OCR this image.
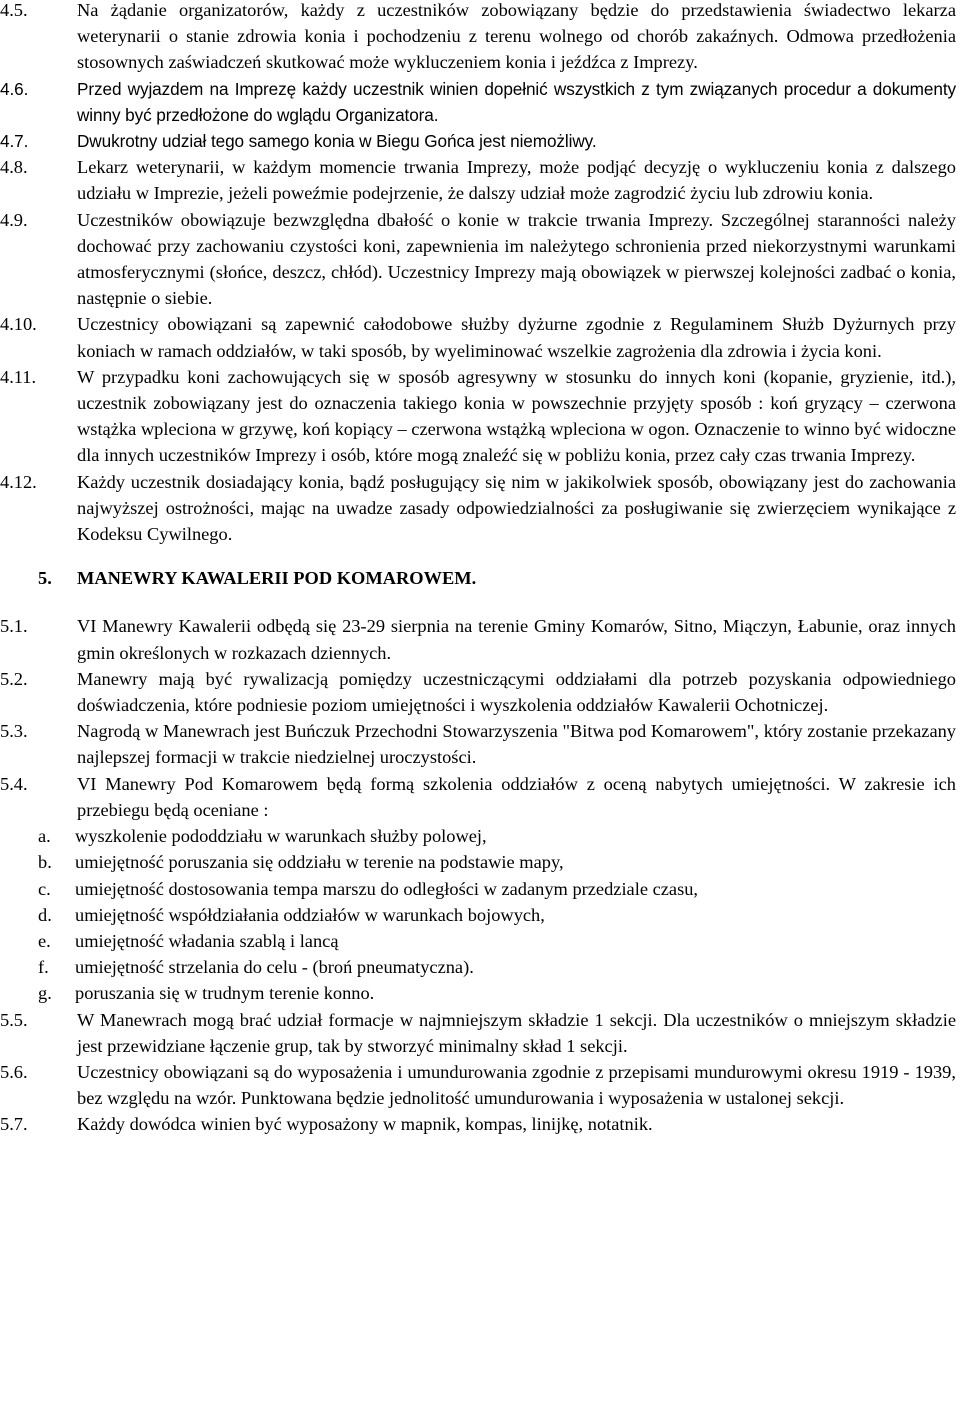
4.5.	Na żądanie organizatorów, każdy z uczestników zobowiązany będzie do przedstawienia świadectwo lekarza weterynarii o stanie zdrowia konia i pochodzeniu z terenu wolnego od chorób zakaźnych. Odmowa przedłożenia stosownych zaświadczeń skutkować może wykluczeniem konia i jeźdźca z Imprezy.
4.6.	Przed wyjazdem na Imprezę każdy uczestnik winien dopełnić wszystkich z tym związanych procedur a dokumenty winny być przedłożone do wglądu Organizatora.
4.7.	Dwukrotny udział tego samego konia w Biegu Gońca jest niemożliwy.
4.8.	Lekarz weterynarii, w każdym momencie trwania Imprezy, może podjąć decyzję o wykluczeniu konia z dalszego udziału w Imprezie, jeżeli poweźmie podejrzenie, że dalszy udział może zagrodzić życiu lub zdrowiu konia.
4.9.	Uczestników obowiązuje bezwzględna dbałość o konie w trakcie trwania Imprezy. Szczególnej staranności należy dochować przy zachowaniu czystości koni, zapewnienia im należytego schronienia przed niekorzystnymi warunkami atmosferycznymi (słońce, deszcz, chłód). Uczestnicy Imprezy mają obowiązek w pierwszej kolejności zadbać o konia, następnie o siebie.
4.10.	Uczestnicy obowiązani są zapewnić całodobowe służby dyżurne zgodnie z Regulaminem Służb Dyżurnych przy koniach w ramach oddziałów, w taki sposób, by wyeliminować wszelkie zagrożenia dla zdrowia i życia koni.
4.11.	W przypadku koni zachowujących się w sposób agresywny w stosunku do innych koni (kopanie, gryzienie, itd.), uczestnik zobowiązany jest do oznaczenia takiego konia w powszechnie przyjęty sposób : koń gryzący – czerwona wstążka wpleciona w grzywę, koń kopiący – czerwona wstążką wpleciona w ogon. Oznaczenie to winno być widoczne dla innych uczestników Imprezy i osób, które mogą znaleźć się w pobliżu konia, przez cały czas trwania Imprezy.
4.12.	Każdy uczestnik dosiadający konia, bądź posługujący się nim w jakikolwiek sposób, obowiązany jest do zachowania najwyższej ostrożności, mając na uwadze zasady odpowiedzialności za posługiwanie się zwierzęciem wynikające z Kodeksu Cywilnego.
5.	MANEWRY KAWALERII POD KOMAROWEM.
5.1.	VI Manewry Kawalerii odbędą się 23-29 sierpnia na terenie Gminy Komarów, Sitno, Miączyn, Łabunie, oraz innych gmin określonych w rozkazach dziennych.
5.2.	Manewry mają być rywalizacją pomiędzy uczestniczącymi oddziałami dla potrzeb pozyskania odpowiedniego doświadczenia, które podniesie poziom umiejętności i wyszkolenia oddziałów Kawalerii Ochotniczej.
5.3.	Nagrodą w Manewrach jest Buńczuk Przechodni Stowarzyszenia "Bitwa pod Komarowem", który zostanie przekazany najlepszej formacji w trakcie niedzielnej uroczystości.
5.4.	VI Manewry Pod Komarowem będą formą szkolenia oddziałów z oceną nabytych umiejętności. W zakresie ich przebiegu będą oceniane :
a. wyszkolenie pododdziału w warunkach służby polowej,
b. umiejętność poruszania się oddziału w terenie na podstawie mapy,
c. umiejętność dostosowania tempa marszu do odległości w zadanym przedziale czasu,
d. umiejętność współdziałania oddziałów w warunkach bojowych,
e. umiejętność władania szablą i lancą
f. umiejętność strzelania do celu - (broń pneumatyczna).
g. poruszania się w trudnym terenie konno.
5.5.	W Manewrach mogą brać udział formacje w najmniejszym składzie 1 sekcji. Dla uczestników o mniejszym składzie jest przewidziane łączenie grup, tak by stworzyć minimalny skład 1 sekcji.
5.6.	Uczestnicy obowiązani są do wyposażenia i umundurowania zgodnie z przepisami mundurowymi okresu 1919 - 1939, bez względu na wzór. Punktowana będzie jednolitość umundurowania i wyposażenia w ustalonej sekcji.
5.7.	Każdy dowódca winien być wyposażony w mapnik, kompas, linijkę, notatnik.
